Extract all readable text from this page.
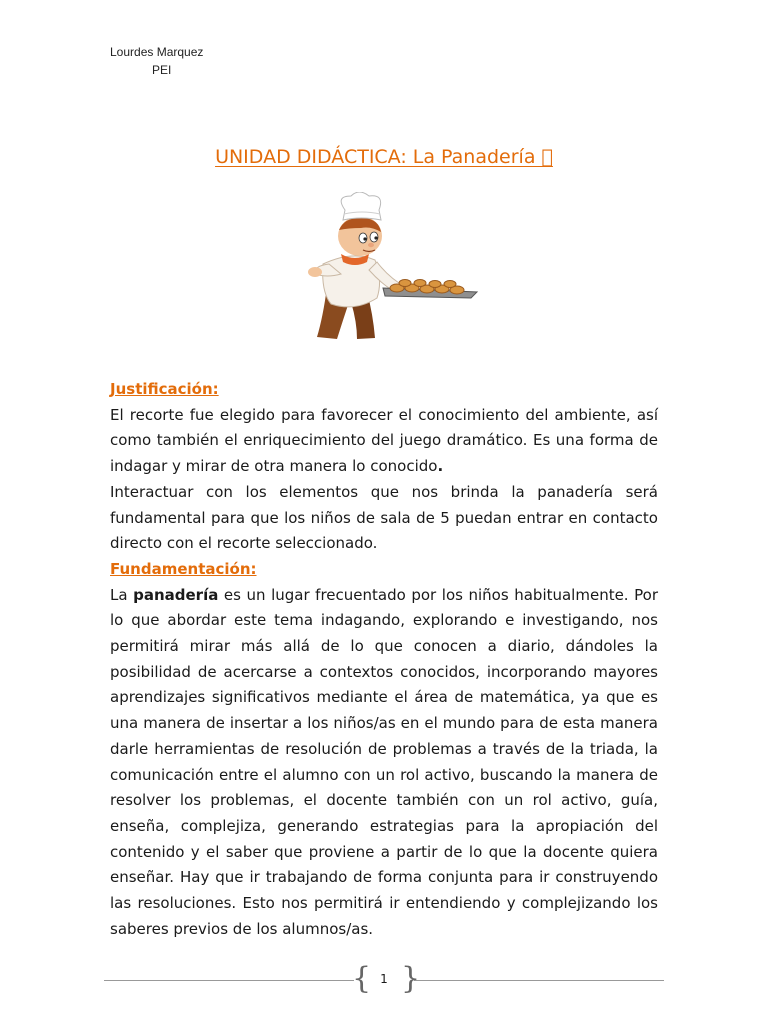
Lourdes Marquez
PEI
UNIDAD DIDÁCTICA: La Panadería
Justificación:

El recorte fue elegido para favorecer el conocimiento del ambiente, así como también el enriquecimiento del juego dramático. Es una forma de indagar y mirar de otra manera lo conocido.

Interactuar con los elementos que nos brinda la panadería será fundamental para que los niños de sala de 5 puedan entrar en contacto directo con el recorte seleccionado.

Fundamentación:

La panadería es un lugar frecuentado por los niños habitualmente. Por lo que abordar este tema indagando, explorando e investigando, nos permitirá mirar más allá de lo que conocen a diario, dándoles la posibilidad de acercarse a contextos conocidos, incorporando mayores aprendizajes significativos mediante el área de matemática, ya que es una manera de insertar a los niños/as en el mundo para de esta manera darle herramientas de resolución de problemas a través de la triada, la comunicación entre el alumno con un rol activo, buscando la manera de resolver los problemas, el docente también con un rol activo, guía, enseña, complejiza, generando estrategias para la apropiación del contenido y el saber que proviene a partir de lo que la docente quiera enseñar. Hay que ir trabajando de forma conjunta para ir construyendo las resoluciones. Esto nos permitirá ir entendiendo y complejizando los saberes previos de los alumnos/as.

{ }
1
